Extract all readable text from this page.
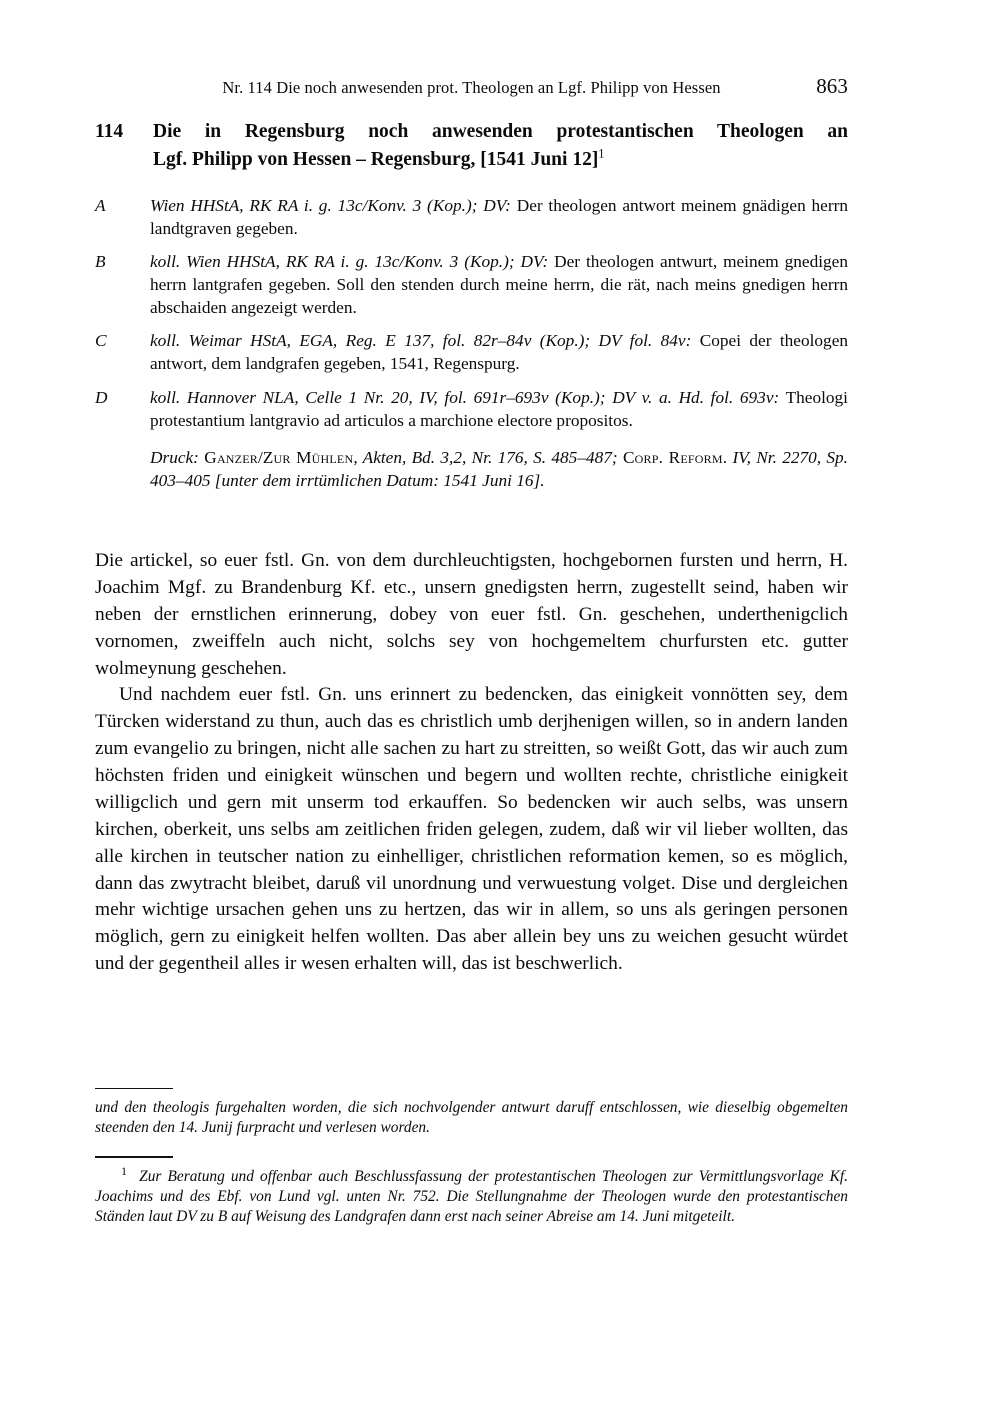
Nr. 114 Die noch anwesenden prot. Theologen an Lgf. Philipp von Hessen	863
114	Die in Regensburg noch anwesenden protestantischen Theologen an
Lgf. Philipp von Hessen – Regensburg, [1541 Juni 12]$^1$
A	Wien HHStA, RK RA i. g. 13c/Konv. 3 (Kop.); DV: Der theologen antwort meinem gnädigen herrn landtgraven gegeben.
B	koll. Wien HHStA, RK RA i. g. 13c/Konv. 3 (Kop.); DV: Der theologen antwurt, meinem gnedigen herrn lantgrafen gegeben. Soll den stenden durch meine herrn, die rät, nach meins gnedigen herrn abschaiden angezeigt werden.
C	koll. Weimar HStA, EGA, Reg. E 137, fol. 82r–84v (Kop.); DV fol. 84v: Copei der theologen antwort, dem landgrafen gegeben, 1541, Regenspurg.
D	koll. Hannover NLA, Celle 1 Nr. 20, IV, fol. 691r–693v (Kop.); DV v. a. Hd. fol. 693v: Theologi protestantium lantgravio ad articulos a marchione electore propositos.
Druck: Ganzer/Zur Mühlen, Akten, Bd. 3,2, Nr. 176, S. 485–487; Corp. Reform. IV, Nr. 2270, Sp. 403–405 [unter dem irrtümlichen Datum: 1541 Juni 16].

Die artickel, so euer fstl. Gn. von dem durchleuchtigsten, hochgebornen fursten und herrn, H. Joachim Mgf. zu Brandenburg Kf. etc., unsern gnedigsten herrn, zugestellt seind, haben wir neben der ernstlichen erinnerung, dobey von euer fstl. Gn. geschehen, underthenigclich vornomen, zweiffeln auch nicht, solchs sey von hochgemeltem churfursten etc. gutter wolmeynung geschehen.

Und nachdem euer fstl. Gn. uns erinnert zu bedencken, das einigkeit vonnötten sey, dem Türcken widerstand zu thun, auch das es christlich umb derjhenigen willen, so in andern landen zum evangelio zu bringen, nicht alle sachen zu hart zu streitten, so weißt Gott, das wir auch zum höchsten friden und einigkeit wünschen und begern und wollten rechte, christliche einigkeit willigclich und gern mit unserm tod erkauffen. So bedencken wir auch selbs, was unsern kirchen, oberkeit, uns selbs am zeitlichen friden gelegen, zudem, daß wir vil lieber wollten, das alle kirchen in teutscher nation zu einhelliger, christlichen reformation kemen, so es möglich, dann das zwytracht bleibet, daruß vil unordnung und verwuestung volget. Dise und dergleichen mehr wichtige ursachen gehen uns zu hertzen, das wir in allem, so uns als geringen personen möglich, gern zu einigkeit helfen wollten. Das aber allein bey uns zu weichen gesucht würdet und der gegentheil alles ir wesen erhalten will, das ist beschwerlich.

und den theologis furgehalten worden, die sich nochvolgender antwurt daruff entschlossen, wie dieselbig obgemelten steenden den 14. Junij furpracht und verlesen worden.

$^1$ Zur Beratung und offenbar auch Beschlussfassung der protestantischen Theologen zur Vermittlungsvorlage Kf. Joachims und des Ebf. von Lund vgl. unten Nr. 752. Die Stellungnahme der Theologen wurde den protestantischen Ständen laut DV zu B auf Weisung des Landgrafen dann erst nach seiner Abreise am 14. Juni mitgeteilt.
